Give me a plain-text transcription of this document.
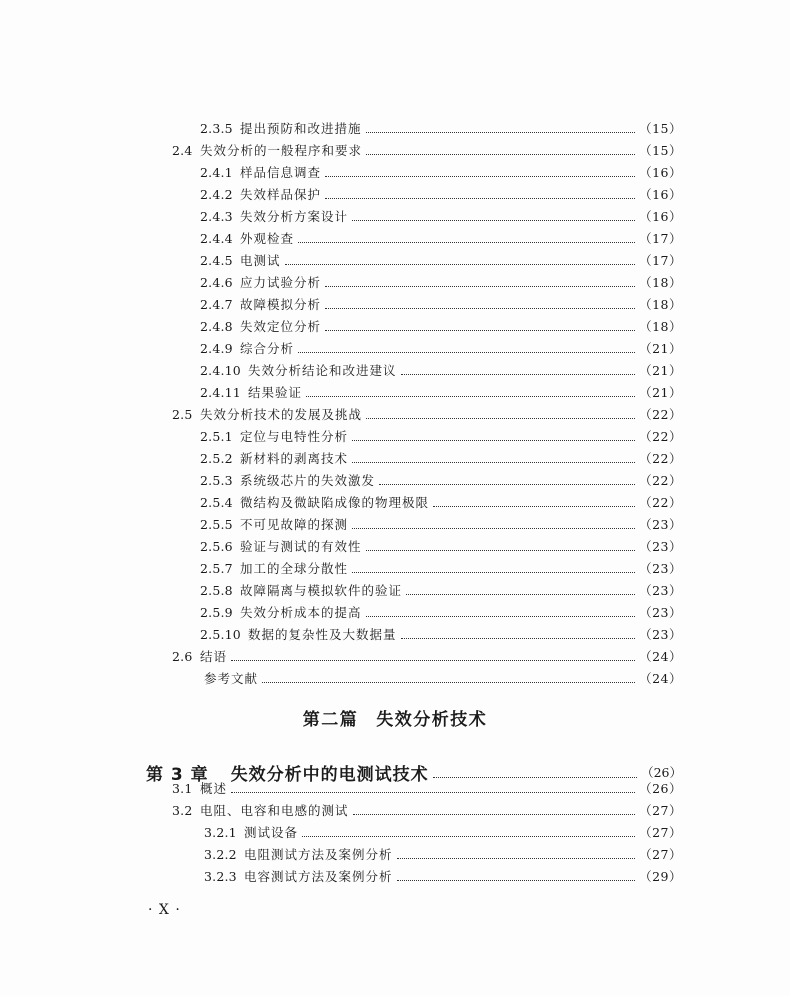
2.3.5 提出预防和改进措施	（15）
2.4 失效分析的一般程序和要求	（15）
2.4.1 样品信息调查	（16）
2.4.2 失效样品保护	（16）
2.4.3 失效分析方案设计	（16）
2.4.4 外观检查	（17）
2.4.5 电测试	（17）
2.4.6 应力试验分析	（18）
2.4.7 故障模拟分析	（18）
2.4.8 失效定位分析	（18）
2.4.9 综合分析	（21）
2.4.10 失效分析结论和改进建议	（21）
2.4.11 结果验证	（21）
2.5 失效分析技术的发展及挑战	（22）
2.5.1 定位与电特性分析	（22）
2.5.2 新材料的剥离技术	（22）
2.5.3 系统级芯片的失效激发	（22）
2.5.4 微结构及微缺陷成像的物理极限	（22）
2.5.5 不可见故障的探测	（23）
2.5.6 验证与测试的有效性	（23）
2.5.7 加工的全球分散性	（23）
2.5.8 故障隔离与模拟软件的验证	（23）
2.5.9 失效分析成本的提高	（23）
2.5.10 数据的复杂性及大数据量	（23）
2.6 结语	（24）
参考文献	（24）
第二篇 失效分析技术
第 3 章 失效分析中的电测试技术	（26）
3.1 概述	（26）
3.2 电阻、电容和电感的测试	（27）
3.2.1 测试设备	（27）
3.2.2 电阻测试方法及案例分析	（27）
3.2.3 电容测试方法及案例分析	（29）
· X ·
